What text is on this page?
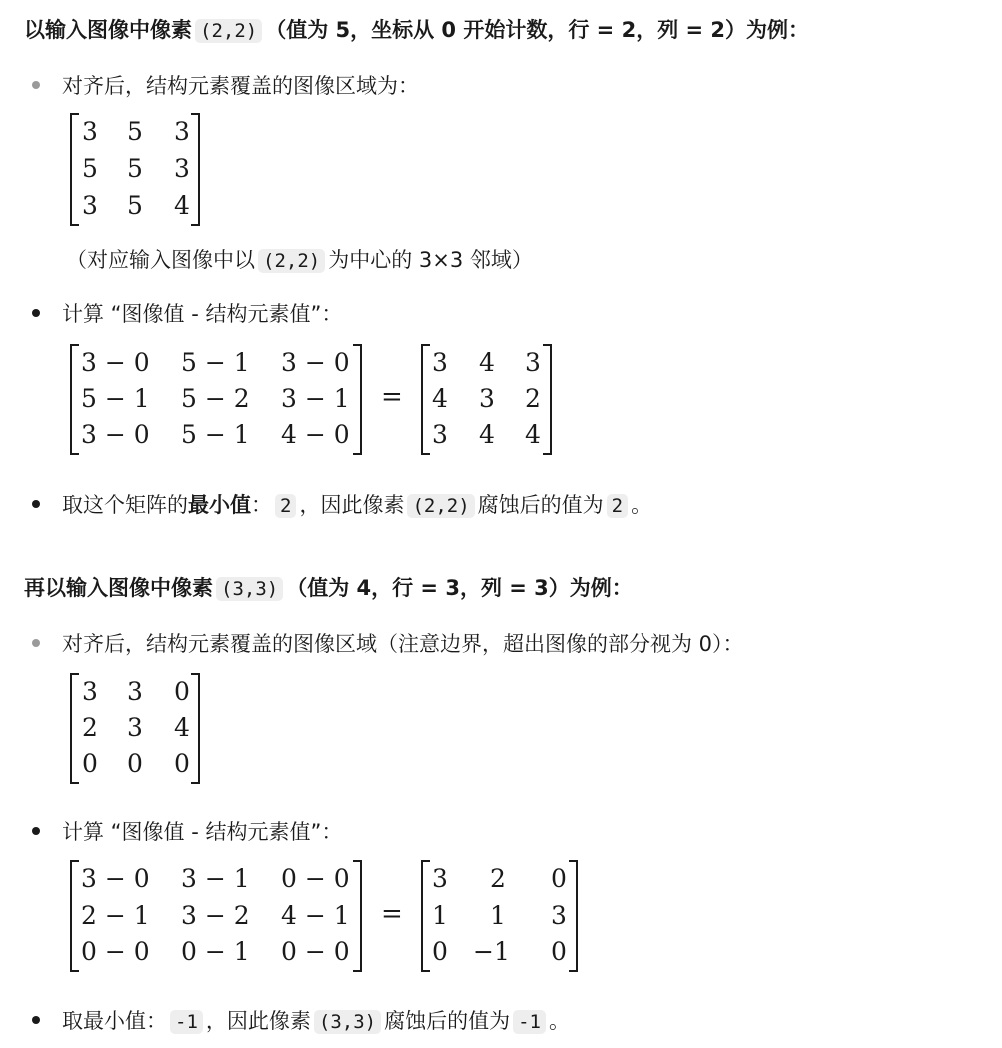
以输入图像中像素 (2,2) （值为 5，坐标从 0 开始计数，行 = 2，列 = 2）为例：
对齐后，结构元素覆盖的图像区域为：
3 5 3
5 5 3
3 5 4
（对应输入图像中以 (2,2) 为中心的 3×3 邻域）
计算 “图像值 - 结构元素值”：
3 − 0 5 − 1 3 − 0
5 − 1 5 − 2 3 − 1
3 − 0 5 − 1 4 − 0
=
3 4 3
4 3 2
3 4 4
取这个矩阵的最小值： 2 ，因此像素 (2,2) 腐蚀后的值为 2 。
再以输入图像中像素 (3,3) （值为 4，行 = 3，列 = 3）为例：
对齐后，结构元素覆盖的图像区域（注意边界，超出图像的部分视为 0）：
3 3 0
2 3 4
0 0 0
计算 “图像值 - 结构元素值”：
3 − 0 3 − 1 0 − 0
2 − 1 3 − 2 4 − 1
0 − 0 0 − 1 0 − 0
=
3 2 0
1 1 3
0 −1 0
取最小值： -1 ，因此像素 (3,3) 腐蚀后的值为 -1 。
